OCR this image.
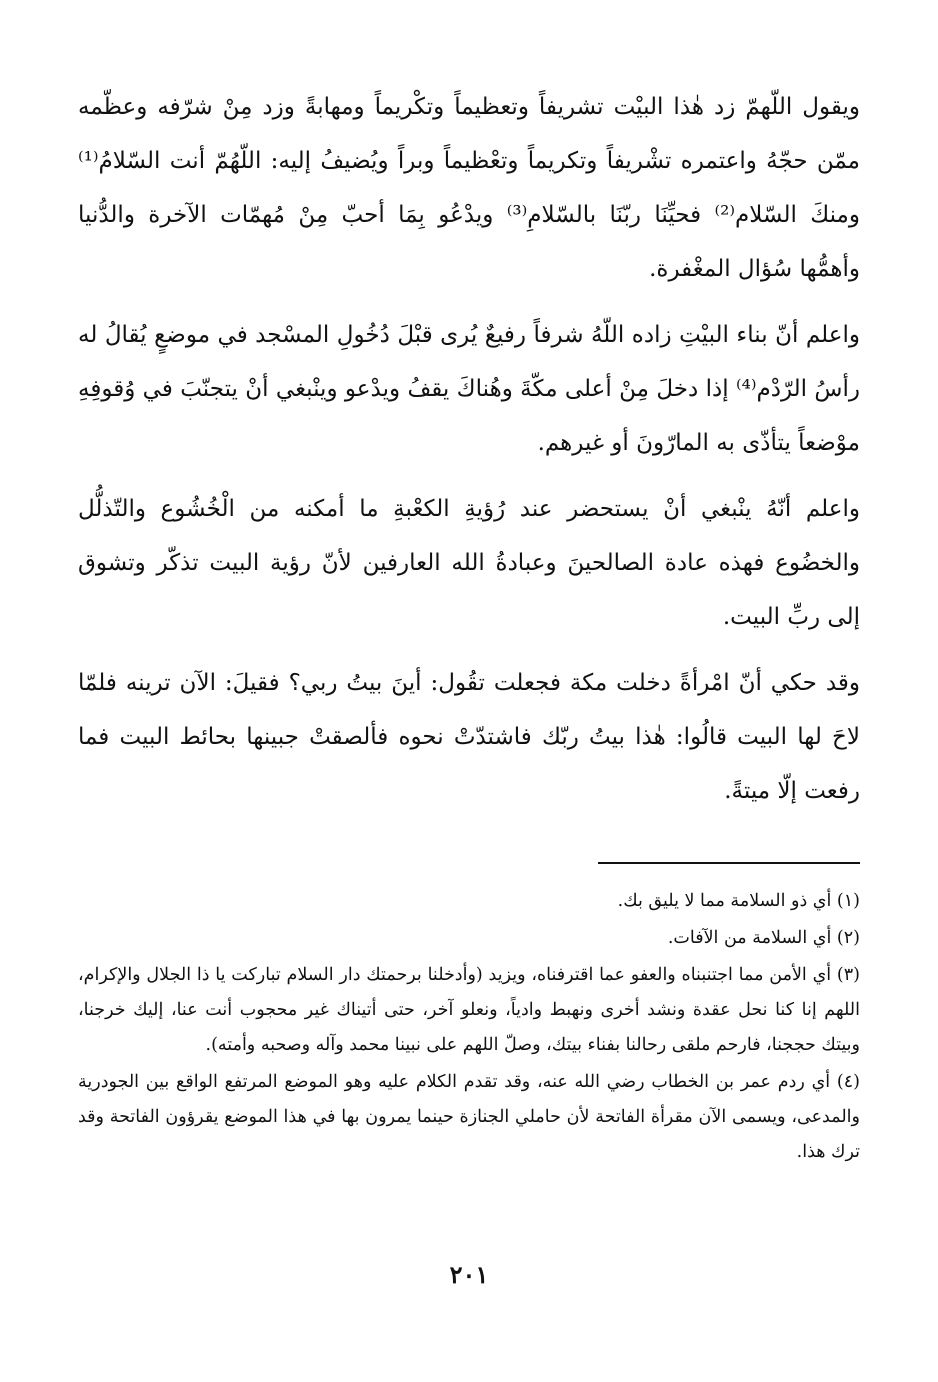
ويقول اللّهمّ زد هٰذا البيْت تشريفاً وتعظيماً وتكْريماً ومهابةً وزد مِنْ شرّفه وعظّمه ممّن حجّهُ واعتمره تشْريفاً وتكريماً وتعْظيماً وبراً ويُضيفُ إليه: اللّهُمّ أنت السّلامُ⁽¹⁾ ومنكَ السّلام⁽²⁾ فحيِّنَا ربّنَا بالسّلامِ⁽³⁾ ويدْعُو بِمَا أحبّ مِنْ مُهمّات الآخرة والدُّنيا وأهمُّها سُؤال المغْفرة.

واعلم أنّ بناء البيْتِ زاده اللّهُ شرفاً رفيعٌ يُرى قبْلَ دُخُولِ المسْجد في موضعٍ يُقالُ له رأسُ الرّدْم⁽⁴⁾ إذا دخلَ مِنْ أعلى مكّةَ وهُناكَ يقفُ ويدْعو وينْبغي أنْ يتجنّبَ في وُقوفِهِ موْضعاً يتأذّى به المارّونَ أو غيرهم.

واعلم أنّهُ ينْبغي أنْ يستحضر عند رُؤيةِ الكعْبةِ ما أمكنه من الْخُشُوع والتّذلُّل والخضُوع فهذه عادة الصالحينَ وعبادةُ الله العارفين لأنّ رؤية البيت تذكّر وتشوق إلى ربِّ البيت.

وقد حكي أنّ امْرأةً دخلت مكة فجعلت تقُول: أينَ بيتُ ربي؟ فقيلَ: الآن ترينه فلمّا لاحَ لها البيت قالُوا: هٰذا بيتُ ربّك فاشتدّتْ نحوه فألصقتْ جبينها بحائط البيت فما رفعت إلّا ميتةً.

(١) أي ذو السلامة مما لا يليق بك.

(٢) أي السلامة من الآفات.

(٣) أي الأمن مما اجتنبناه والعفو عما اقترفناه، ويزيد (وأدخلنا برحمتك دار السلام تباركت يا ذا الجلال والإكرام، اللهم إنا كنا نحل عقدة ونشد أخرى ونهبط وادياً، ونعلو آخر، حتى أتيناك غير محجوب أنت عنا، إليك خرجنا، وبيتك حججنا، فارحم ملقى رحالنا بفناء بيتك، وصلّ اللهم على نبينا محمد وآله وصحبه وأمته).

(٤) أي ردم عمر بن الخطاب رضي الله عنه، وقد تقدم الكلام عليه وهو الموضع المرتفع الواقع بين الجودرية والمدعى، ويسمى الآن مقرأة الفاتحة لأن حاملي الجنازة حينما يمرون بها في هذا الموضع يقرؤون الفاتحة وقد ترك هذا.

٢٠١
